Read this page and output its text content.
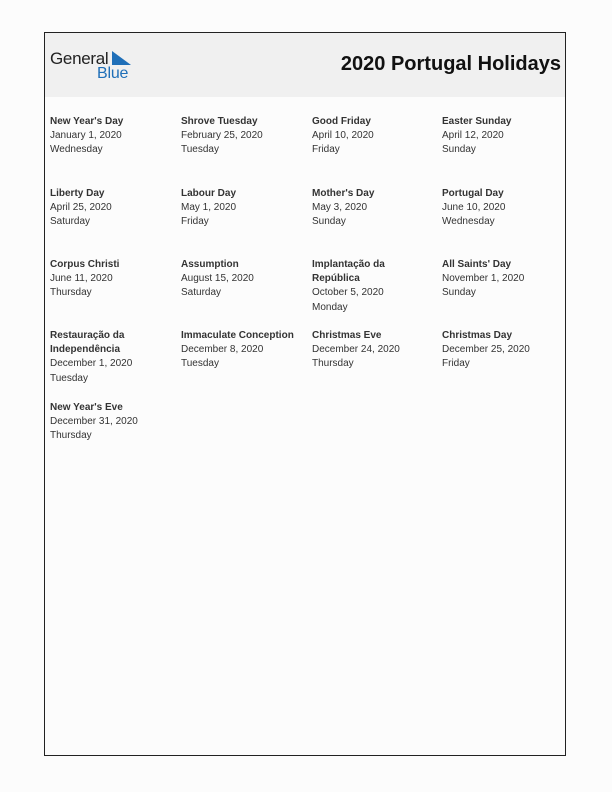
General
Blue	2020 Portugal Holidays
New Year's Day
January 1, 2020
Wednesday
Shrove Tuesday
February 25, 2020
Tuesday
Good Friday
April 10, 2020
Friday
Easter Sunday
April 12, 2020
Sunday
Liberty Day
April 25, 2020
Saturday
Labour Day
May 1, 2020
Friday
Mother's Day
May 3, 2020
Sunday
Portugal Day
June 10, 2020
Wednesday
Corpus Christi
June 11, 2020
Thursday
Assumption
August 15, 2020
Saturday
Implantação da República
October 5, 2020
Monday
All Saints' Day
November 1, 2020
Sunday
Restauração da Independência
December 1, 2020
Tuesday
Immaculate Conception
December 8, 2020
Tuesday
Christmas Eve
December 24, 2020
Thursday
Christmas Day
December 25, 2020
Friday
New Year's Eve
December 31, 2020
Thursday
